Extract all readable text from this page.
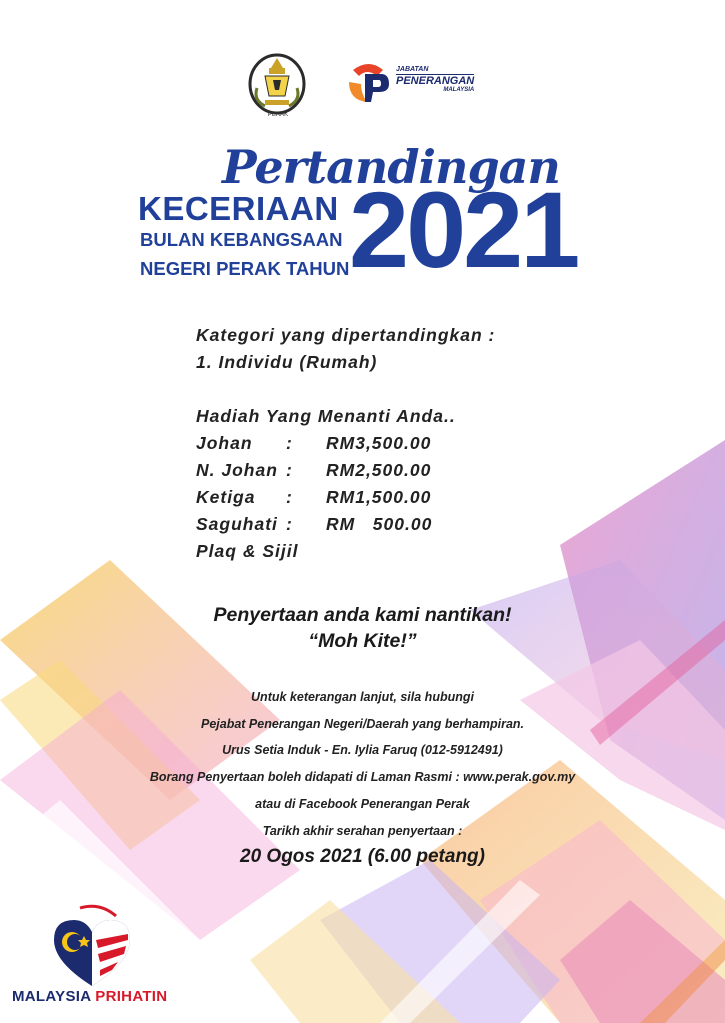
PERAK
JABATAN
PENERANGAN
MALAYSIA
Pertandingan
KECERIAAN
BULAN KEBANGSAAN
NEGERI PERAK TAHUN 2021
Kategori yang dipertandingkan :
1. Individu (Rumah)
Hadiah Yang Menanti Anda..
Johan	:	RM3,500.00
N. Johan :	RM2,500.00
Ketiga	:	RM1,500.00
Saguhati :	RM   500.00
Plaq & Sijil
Penyertaan anda kami nantikan!
“Moh Kite!”
Untuk keterangan lanjut, sila hubungi
Pejabat Penerangan Negeri/Daerah yang berhampiran.
Urus Setia Induk - En. Iylia Faruq (012-5912491)
Borang Penyertaan boleh didapati di Laman Rasmi : www.perak.gov.my
atau di Facebook Penerangan Perak
Tarikh akhir serahan penyertaan :
20 Ogos 2021 (6.00 petang)
MALAYSIA PRIHATIN
